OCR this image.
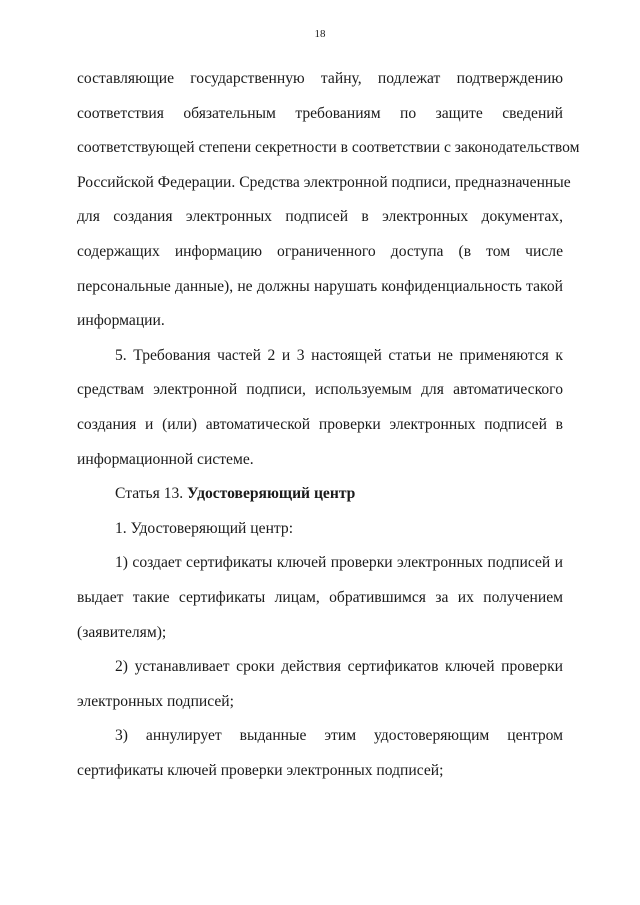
18
составляющие государственную тайну, подлежат подтверждению
соответствия обязательным требованиям по защите сведений
соответствующей степени секретности в соответствии с законодательством
Российской Федерации. Средства электронной подписи, предназначенные
для создания электронных подписей в электронных документах,
содержащих информацию ограниченного доступа (в том числе
персональные данные), не должны нарушать конфиденциальность такой
информации.
5. Требования частей 2 и 3 настоящей статьи не применяются к
средствам электронной подписи, используемым для автоматического
создания и (или) автоматической проверки электронных подписей в
информационной системе.
Статья 13. Удостоверяющий центр
1. Удостоверяющий центр:
1) создает сертификаты ключей проверки электронных подписей и
выдает такие сертификаты лицам, обратившимся за их получением
(заявителям);
2) устанавливает сроки действия сертификатов ключей проверки
электронных подписей;
3) аннулирует выданные этим удостоверяющим центром
сертификаты ключей проверки электронных подписей;
